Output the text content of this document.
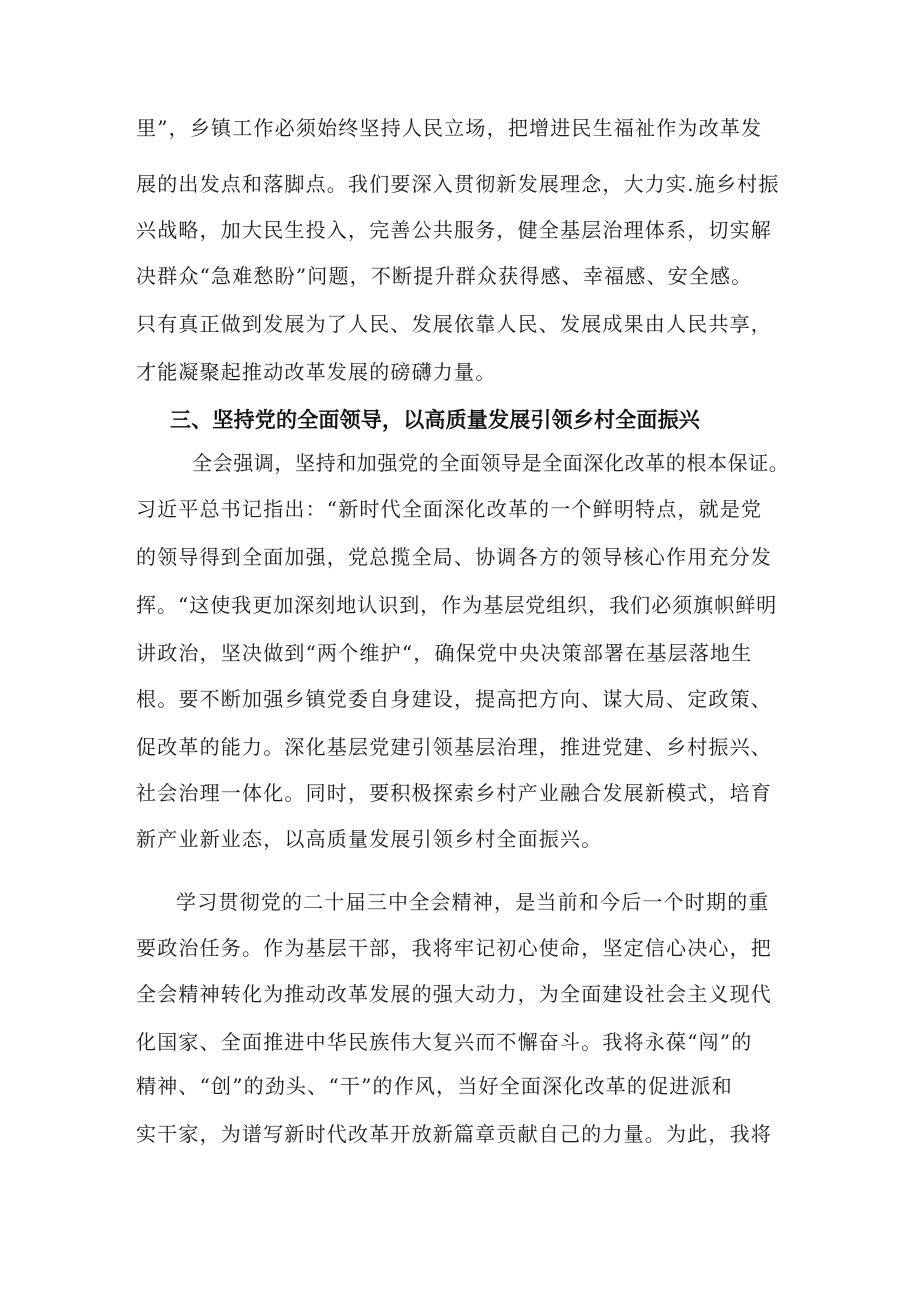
里”，乡镇工作必须始终坚持人民立场，把增进民生福祉作为改革发
展的出发点和落脚点。我们要深入贯彻新发展理念，大力实.施乡村振
兴战略，加大民生投入，完善公共服务，健全基层治理体系，切实解
决群众“急难愁盼”问题，不断提升群众获得感、幸福感、安全感。
只有真正做到发展为了人民、发展依靠人民、发展成果由人民共享，
才能凝聚起推动改革发展的磅礴力量。
三、坚持党的全面领导，以高质量发展引领乡村全面振兴
全会强调，坚持和加强党的全面领导是全面深化改革的根本保证。
习近平总书记指出：“新时代全面深化改革的一个鲜明特点，就是党
的领导得到全面加强，党总揽全局、协调各方的领导核心作用充分发
挥。“这使我更加深刻地认识到，作为基层党组织，我们必须旗帜鲜明
讲政治，坚决做到“两个维护“，确保党中央决策部署在基层落地生
根。要不断加强乡镇党委自身建设，提高把方向、谋大局、定政策、
促改革的能力。深化基层党建引领基层治理，推进党建、乡村振兴、
社会治理一体化。同时，要积极探索乡村产业融合发展新模式，培育
新产业新业态，以高质量发展引领乡村全面振兴。
学习贯彻党的二十届三中全会精神，是当前和今后一个时期的重
要政治任务。作为基层干部，我将牢记初心使命，坚定信心决心，把
全会精神转化为推动改革发展的强大动力，为全面建设社会主义现代
化国家、全面推进中华民族伟大复兴而不懈奋斗。我将永葆“闯”的
精神、“创”的劲头、“干”的作风，当好全面深化改革的促进派和
实干家，为谱写新时代改革开放新篇章贡献自己的力量。为此，我将
